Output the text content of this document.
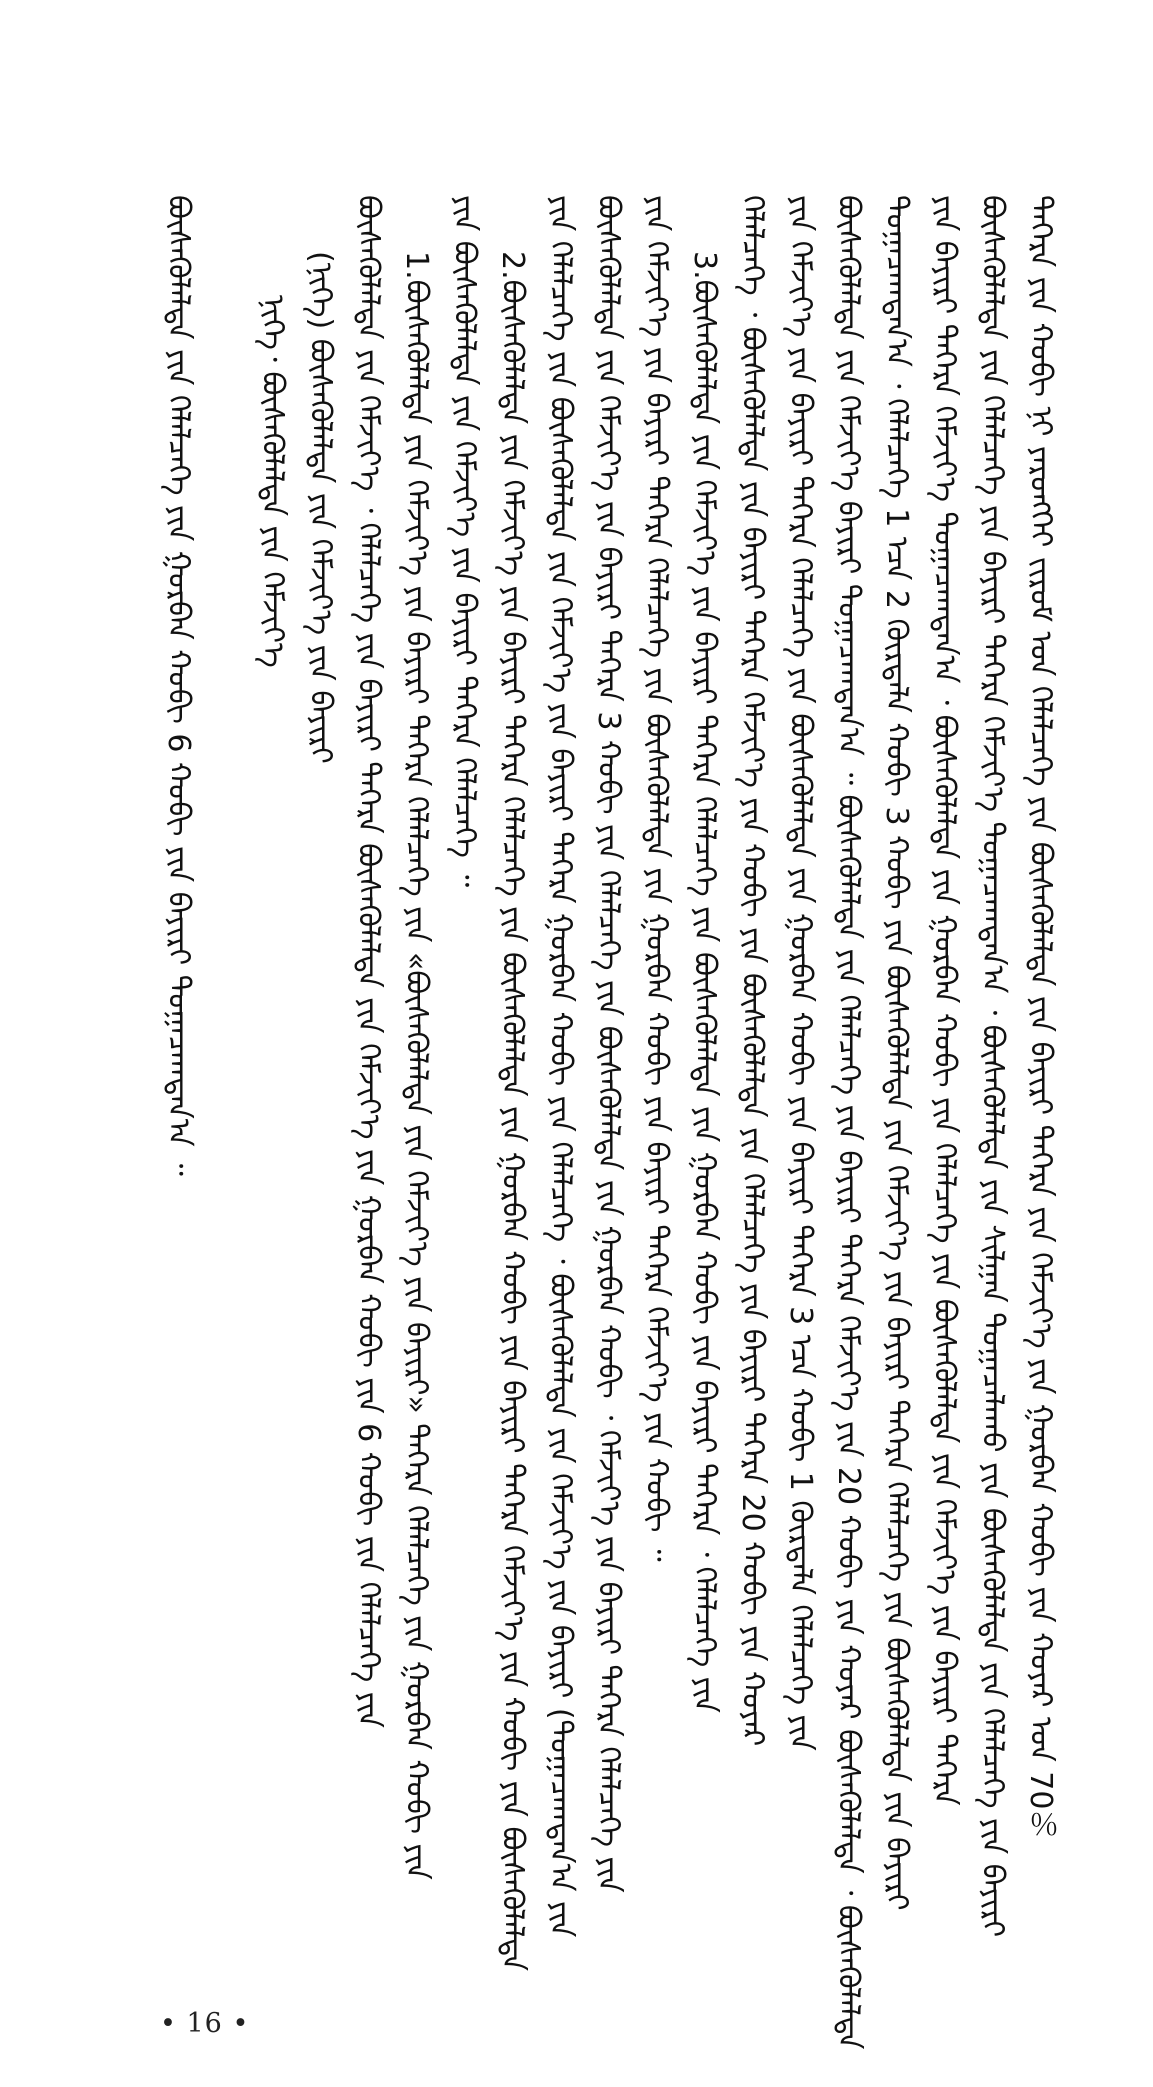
ᠳᠡᠭᠡᠷᠡ ᠶᠢᠨ ᠬᠤᠪᠢ ᠨᠢ ᠶᠡᠷᠦᠩᠬᠡᠢ ᠵᠢᠷᠤᠮ ᠤᠨ ᠬᠡᠯᠡᠯᠴᠡᠭᠡ ᠶᠢᠨ ᠪᠦᠰᠡᠭᠦᠯᠡᠯᠲᠡ ᠶᠢᠨ ᠪᠠᠶᠢᠷᠢ ᠳᠡᠭᠡᠷᠡ ᠶᠢᠨ ᠬᠡᠮᠵᠢᠶ᠎ᠡ ᠶᠢᠨ ᠭᠤᠷᠪᠠᠨ ᠬᠤᠪᠢ ᠶᠢᠨ ᠬᠣᠶᠠᠷ ᠤᠨ 70％
ᠪᠦᠰᠡᠭᠦᠯᠡᠯᠲᠡ ᠶᠢᠨ ᠬᠡᠯᠡᠯᠴᠡᠭᠡ ᠶᠢᠨ ᠪᠠᠶᠢᠷᠢ ᠳᠡᠭᠡᠷᠡ ᠬᠡᠮᠵᠢᠶ᠎ᠡ ᠲᠣᠭᠠᠴᠠᠭᠳᠠᠨ᠎ᠠ ᠂ ᠪᠦᠰᠡᠭᠦᠯᠡᠯᠲᠡ ᠶᠢᠨ ᠰᠢᠯᠭᠠᠨ ᠲᠣᠭᠠᠴᠠᠯᠠᠬᠤ ᠶᠢᠨ ᠪᠦᠰᠡᠭᠦᠯᠡᠯᠲᠡ ᠶᠢᠨ ᠬᠡᠯᠡᠯᠴᠡᠭᠡ ᠶᠢᠨ ᠪᠠᠶᠢᠷᠢ
ᠶᠢᠨ ᠪᠠᠶᠢᠷᠢ ᠳᠡᠭᠡᠷᠡ ᠬᠡᠮᠵᠢᠶ᠎ᠡ ᠲᠣᠭᠠᠴᠠᠭᠳᠠᠨ᠎ᠠ ᠂ ᠪᠦᠰᠡᠭᠦᠯᠡᠯᠲᠡ ᠶᠢᠨ ᠭᠤᠷᠪᠠᠨ ᠬᠤᠪᠢ ᠶᠢᠨ ᠬᠡᠯᠡᠯᠴᠡᠭᠡ ᠶᠢᠨ ᠪᠦᠰᠡᠭᠦᠯᠡᠯᠲᠡ ᠶᠢᠨ ᠬᠡᠮᠵᠢᠶ᠎ᠡ ᠶᠢᠨ ᠪᠠᠶᠢᠷᠢ ᠳᠡᠭᠡᠷᠡ
ᠲᠣᠭᠠᠴᠠᠭᠳᠠᠨ᠎ᠠ ᠂ ᠬᠡᠯᠡᠯᠴᠡᠭᠡ 1 ᠡᠴᠡ 2 ᠬᠦᠷᠲᠡᠯᠡ ᠬᠤᠪᠢ 3 ᠬᠤᠪᠢ ᠶᠢᠨ ᠪᠦᠰᠡᠭᠦᠯᠡᠯᠲᠡ ᠶᠢᠨ ᠬᠡᠮᠵᠢᠶ᠎ᠡ ᠶᠢᠨ ᠪᠠᠶᠢᠷᠢ ᠳᠡᠭᠡᠷᠡ ᠬᠡᠯᠡᠯᠴᠡᠭᠡ ᠶᠢᠨ ᠪᠦᠰᠡᠭᠦᠯᠡᠯᠲᠡ ᠶᠢᠨ ᠪᠠᠶᠢᠷᠢ
ᠪᠦᠰᠡᠭᠦᠯᠡᠯᠲᠡ ᠶᠢᠨ ᠬᠡᠮᠵᠢᠶ᠎ᠡ ᠪᠠᠶᠢᠷᠢ ᠲᠣᠭᠠᠴᠠᠭᠳᠠᠨ᠎ᠠ ᠃ ᠪᠦᠰᠡᠭᠦᠯᠡᠯᠲᠡ ᠶᠢᠨ ᠬᠡᠯᠡᠯᠴᠡᠭᠡ ᠶᠢᠨ ᠪᠠᠶᠢᠷᠢ ᠳᠡᠭᠡᠷᠡ ᠬᠡᠮᠵᠢᠶ᠎ᠡ ᠶᠢᠨ 20 ᠬᠤᠪᠢ ᠶᠢᠨ ᠬᠣᠶᠠᠷ ᠪᠦᠰᠡᠭᠦᠯᠡᠯᠲᠡ ᠂ ᠪᠦᠰᠡᠭᠦᠯᠡᠯᠲᠡ
ᠶᠢᠨ ᠬᠡᠮᠵᠢᠶ᠎ᠡ ᠶᠢᠨ ᠪᠠᠶᠢᠷᠢ ᠳᠡᠭᠡᠷᠡ ᠬᠡᠯᠡᠯᠴᠡᠭᠡ ᠶᠢᠨ ᠪᠦᠰᠡᠭᠦᠯᠡᠯᠲᠡ ᠶᠢᠨ ᠭᠤᠷᠪᠠᠨ ᠬᠤᠪᠢ ᠶᠢᠨ ᠪᠠᠶᠢᠷᠢ ᠳᠡᠭᠡᠷᠡ 3 ᠡᠴᠡ ᠬᠤᠪᠢ 1 ᠬᠦᠷᠲᠡᠯᠡ ᠬᠡᠯᠡᠯᠴᠡᠭᠡ ᠶᠢᠨ
ᠬᠡᠯᠡᠯᠴᠡᠭᠡ ᠂ ᠪᠦᠰᠡᠭᠦᠯᠡᠯᠲᠡ ᠶᠢᠨ ᠪᠠᠶᠢᠷᠢ ᠳᠡᠭᠡᠷᠡ ᠬᠡᠮᠵᠢᠶ᠎ᠡ ᠶᠢᠨ ᠬᠤᠪᠢ ᠶᠢᠨ ᠪᠦᠰᠡᠭᠦᠯᠡᠯᠲᠡ ᠶᠢᠨ ᠬᠡᠯᠡᠯᠴᠡᠭᠡ ᠶᠢᠨ ᠪᠠᠶᠢᠷᠢ ᠳᠡᠭᠡᠷᠡ 20 ᠬᠤᠪᠢ ᠶᠢᠨ ᠬᠣᠶᠠᠷ
3.ᠪᠦᠰᠡᠭᠦᠯᠡᠯᠲᠡ ᠶᠢᠨ ᠬᠡᠮᠵᠢᠶ᠎ᠡ ᠶᠢᠨ ᠪᠠᠶᠢᠷᠢ ᠳᠡᠭᠡᠷᠡ ᠬᠡᠯᠡᠯᠴᠡᠭᠡ ᠶᠢᠨ ᠪᠦᠰᠡᠭᠦᠯᠡᠯᠲᠡ ᠶᠢᠨ ᠭᠤᠷᠪᠠᠨ ᠬᠤᠪᠢ ᠶᠢᠨ ᠪᠠᠶᠢᠷᠢ ᠳᠡᠭᠡᠷᠡ ᠂ ᠬᠡᠯᠡᠯᠴᠡᠭᠡ ᠶᠢᠨ
ᠶᠢᠨ ᠬᠡᠮᠵᠢᠶ᠎ᠡ ᠶᠢᠨ ᠪᠠᠶᠢᠷᠢ ᠳᠡᠭᠡᠷᠡ ᠬᠡᠯᠡᠯᠴᠡᠭᠡ ᠶᠢᠨ ᠪᠦᠰᠡᠭᠦᠯᠡᠯᠲᠡ ᠶᠢᠨ ᠭᠤᠷᠪᠠᠨ ᠬᠤᠪᠢ ᠶᠢᠨ ᠪᠠᠶᠢᠷᠢ ᠳᠡᠭᠡᠷᠡ ᠬᠡᠮᠵᠢᠶ᠎ᠡ ᠶᠢᠨ ᠬᠤᠪᠢ ᠃
ᠪᠦᠰᠡᠭᠦᠯᠡᠯᠲᠡ ᠶᠢᠨ ᠬᠡᠮᠵᠢᠶ᠎ᠡ ᠶᠢᠨ ᠪᠠᠶᠢᠷᠢ ᠳᠡᠭᠡᠷᠡ 3 ᠬᠤᠪᠢ ᠶᠢᠨ ᠬᠡᠯᠡᠯᠴᠡᠭᠡ ᠶᠢᠨ ᠪᠦᠰᠡᠭᠦᠯᠡᠯᠲᠡ ᠶᠢᠨ ᠭᠤᠷᠪᠠᠨ ᠬᠤᠪᠢ ᠂ ᠬᠡᠮᠵᠢᠶ᠎ᠡ ᠶᠢᠨ ᠪᠠᠶᠢᠷᠢ ᠳᠡᠭᠡᠷᠡ ᠬᠡᠯᠡᠯᠴᠡᠭᠡ ᠶᠢᠨ
ᠶᠢᠨ ᠬᠡᠯᠡᠯᠴᠡᠭᠡ ᠶᠢᠨ ᠪᠦᠰᠡᠭᠦᠯᠡᠯᠲᠡ ᠶᠢᠨ ᠬᠡᠮᠵᠢᠶ᠎ᠡ ᠶᠢᠨ ᠪᠠᠶᠢᠷᠢ ᠳᠡᠭᠡᠷᠡ ᠭᠤᠷᠪᠠᠨ ᠬᠤᠪᠢ ᠶᠢᠨ ᠬᠡᠯᠡᠯᠴᠡᠭᠡ ᠂ ᠪᠦᠰᠡᠭᠦᠯᠡᠯᠲᠡ ᠶᠢᠨ ᠬᠡᠮᠵᠢᠶ᠎ᠡ ᠶᠢᠨ ᠪᠠᠶᠢᠷᠢ (ᠲᠣᠭᠠᠴᠠᠭᠳᠠᠨ᠎ᠠ ᠶᠢᠨ
2.ᠪᠦᠰᠡᠭᠦᠯᠡᠯᠲᠡ ᠶᠢᠨ ᠬᠡᠮᠵᠢᠶ᠎ᠡ ᠶᠢᠨ ᠪᠠᠶᠢᠷᠢ ᠳᠡᠭᠡᠷᠡ ᠬᠡᠯᠡᠯᠴᠡᠭᠡ ᠶᠢᠨ ᠪᠦᠰᠡᠭᠦᠯᠡᠯᠲᠡ ᠶᠢᠨ ᠭᠤᠷᠪᠠᠨ ᠬᠤᠪᠢ ᠶᠢᠨ ᠪᠠᠶᠢᠷᠢ ᠳᠡᠭᠡᠷᠡ ᠬᠡᠮᠵᠢᠶ᠎ᠡ ᠶᠢᠨ ᠬᠤᠪᠢ ᠶᠢᠨ ᠪᠦᠰᠡᠭᠦᠯᠡᠯᠲᠡ
ᠶᠢᠨ ᠪᠦᠰᠡᠭᠦᠯᠡᠯᠲᠡ ᠶᠢᠨ ᠬᠡᠮᠵᠢᠶ᠎ᠡ ᠶᠢᠨ ᠪᠠᠶᠢᠷᠢ ᠳᠡᠭᠡᠷᠡ ᠬᠡᠯᠡᠯᠴᠡᠭᠡ ᠃
1.ᠪᠦᠰᠡᠭᠦᠯᠡᠯᠲᠡ ᠶᠢᠨ ᠬᠡᠮᠵᠢᠶ᠎ᠡ ᠶᠢᠨ ᠪᠠᠶᠢᠷᠢ ᠳᠡᠭᠡᠷᠡ ᠬᠡᠯᠡᠯᠴᠡᠭᠡ ᠶᠢᠨ «ᠪᠦᠰᠡᠭᠦᠯᠡᠯᠲᠡ ᠶᠢᠨ ᠬᠡᠮᠵᠢᠶ᠎ᠡ ᠶᠢᠨ ᠪᠠᠶᠢᠷᠢ» ᠳᠡᠭᠡᠷᠡ ᠬᠡᠯᠡᠯᠴᠡᠭᠡ ᠶᠢᠨ ᠭᠤᠷᠪᠠᠨ ᠬᠤᠪᠢ ᠶᠢᠨ
ᠪᠦᠰᠡᠭᠦᠯᠡᠯᠲᠡ ᠶᠢᠨ ᠬᠡᠮᠵᠢᠶ᠎ᠡ ᠂ ᠬᠡᠯᠡᠯᠴᠡᠭᠡ ᠶᠢᠨ ᠪᠠᠶᠢᠷᠢ ᠳᠡᠭᠡᠷᠡ ᠪᠦᠰᠡᠭᠦᠯᠡᠯᠲᠡ ᠶᠢᠨ ᠬᠡᠮᠵᠢᠶ᠎ᠡ ᠶᠢᠨ ᠭᠤᠷᠪᠠᠨ ᠬᠤᠪᠢ ᠶᠢᠨ 6 ᠬᠤᠪᠢ ᠶᠢᠨ ᠬᠡᠯᠡᠯᠴᠡᠭᠡ ᠶᠢᠨ
(ᠨᠢᠭᠡ) ᠪᠦᠰᠡᠭᠦᠯᠡᠯᠲᠡ ᠶᠢᠨ ᠬᠡᠮᠵᠢᠶ᠎ᠡ ᠶᠢᠨ ᠪᠠᠶᠢᠷᠢ
ᠨᠢᠭᠡ᠂ ᠪᠦᠰᠡᠭᠦᠯᠡᠯᠲᠡ ᠶᠢᠨ ᠬᠡᠮᠵᠢᠶ᠎ᠡ
ᠪᠦᠰᠡᠭᠦᠯᠡᠯᠲᠡ ᠶᠢᠨ ᠬᠡᠯᠡᠯᠴᠡᠭᠡ ᠶᠢᠨ ᠭᠤᠷᠪᠠᠨ ᠬᠤᠪᠢ 6 ᠬᠤᠪᠢ ᠶᠢᠨ ᠪᠠᠶᠢᠷᠢ ᠲᠣᠭᠠᠴᠠᠭᠳᠠᠨ᠎ᠠ ᠃
• 16 •
